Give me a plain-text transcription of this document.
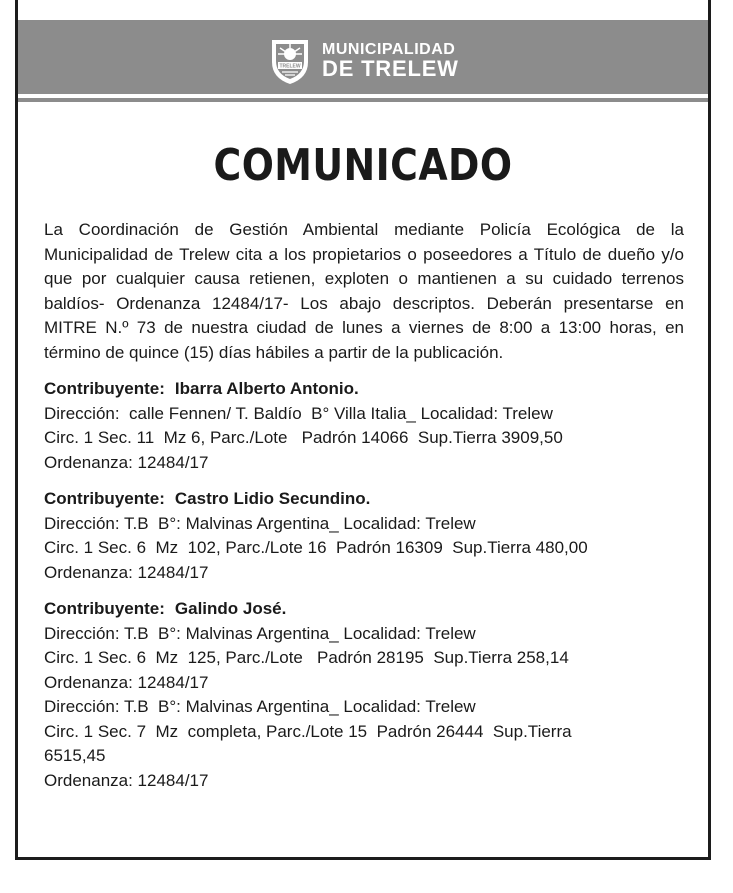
TRELEW
MUNICIPALIDAD
DE TRELEW
COMUNICADO

La Coordinación de Gestión Ambiental mediante Policía Ecológica de la Municipalidad de Trelew cita a los propietarios o poseedores a Título de dueño y/o que por cualquier causa retienen, exploten o mantienen a su cuidado terrenos baldíos- Ordenanza 12484/17- Los abajo descriptos. Deberán presentarse en MITRE N.º 73 de nuestra ciudad de lunes a viernes de 8:00 a 13:00 horas, en término de quince (15) días hábiles a partir de la publicación.

Contribuyente: Ibarra Alberto Antonio.
Dirección:  calle Fennen/ T. Baldío  B° Villa Italia_ Localidad: Trelew
Circ. 1 Sec. 11  Mz 6, Parc./Lote   Padrón 14066  Sup.Tierra 3909,50
Ordenanza: 12484/17
Contribuyente: Castro Lidio Secundino.
Dirección: T.B  B°: Malvinas Argentina_ Localidad: Trelew
Circ. 1 Sec. 6  Mz  102, Parc./Lote 16  Padrón 16309  Sup.Tierra 480,00
Ordenanza: 12484/17
Contribuyente: Galindo José.
Dirección: T.B  B°: Malvinas Argentina_ Localidad: Trelew
Circ. 1 Sec. 6  Mz  125, Parc./Lote   Padrón 28195  Sup.Tierra 258,14
Ordenanza: 12484/17
Dirección: T.B  B°: Malvinas Argentina_ Localidad: Trelew
Circ. 1 Sec. 7  Mz  completa, Parc./Lote 15  Padrón 26444  Sup.Tierra
6515,45
Ordenanza: 12484/17
